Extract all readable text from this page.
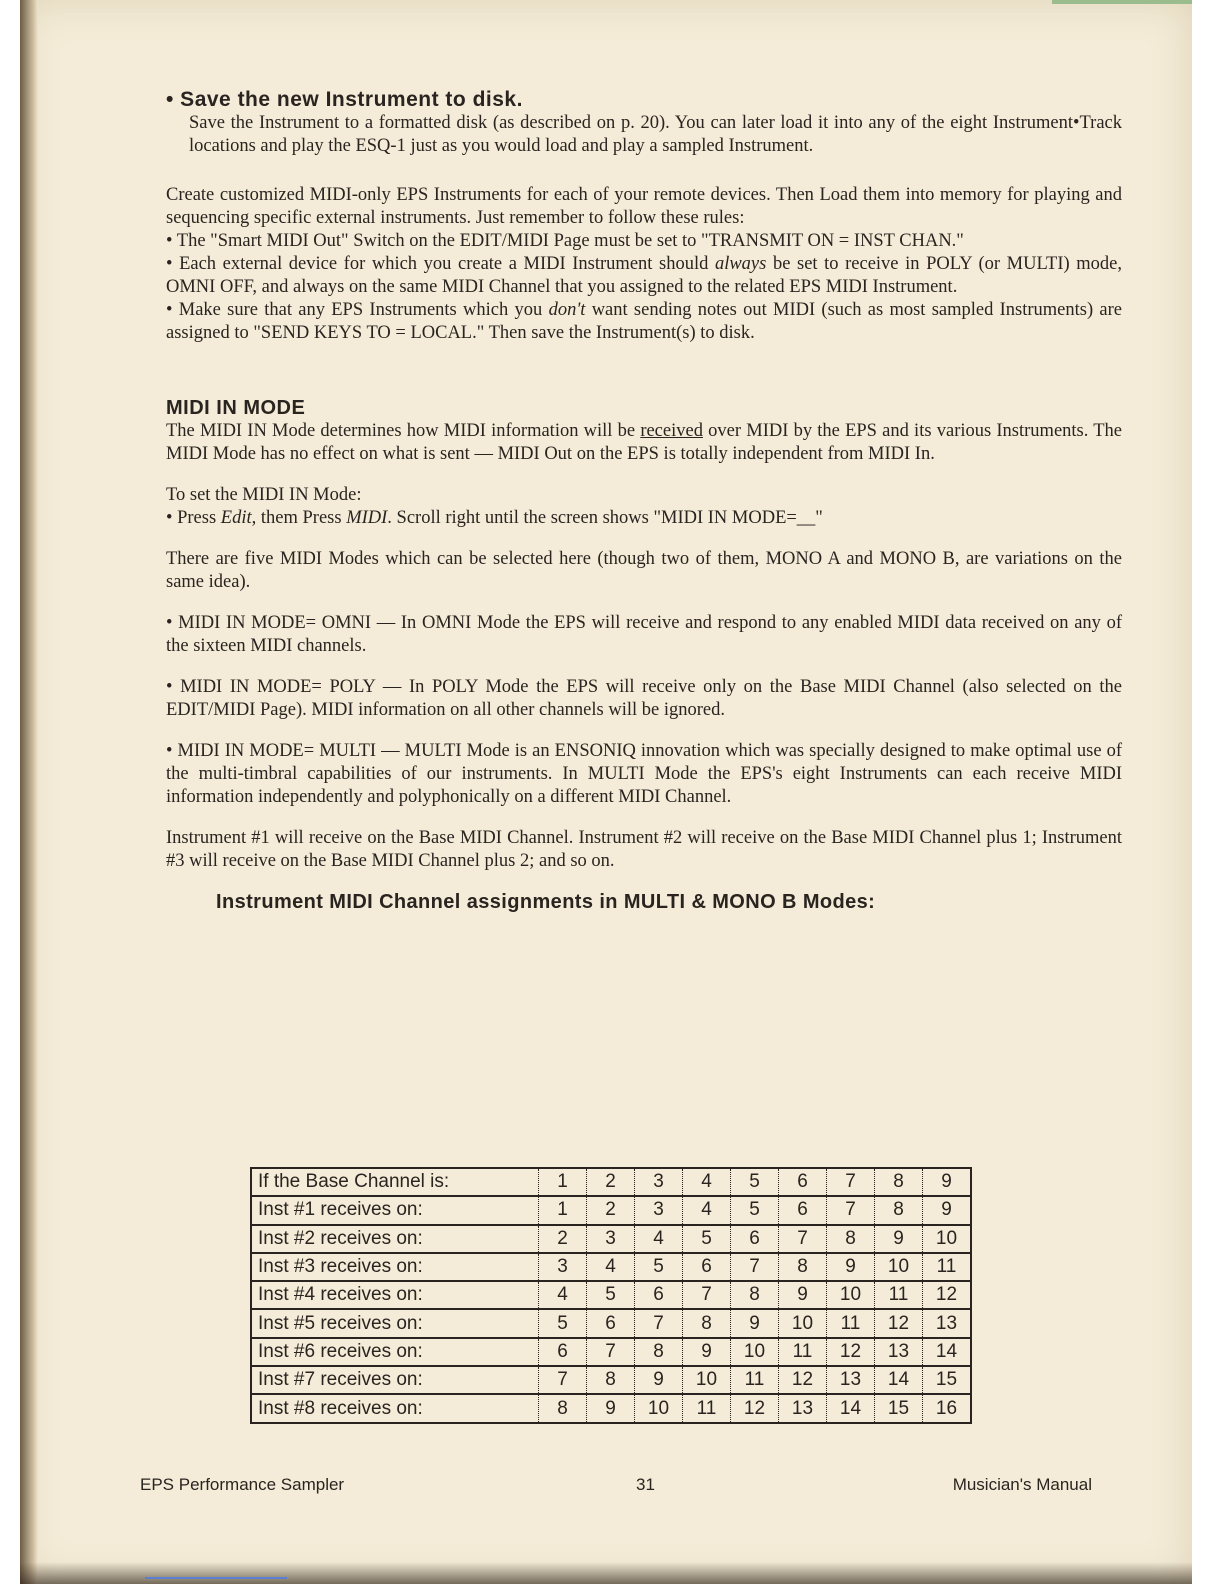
• Save the new Instrument to disk.

Save the Instrument to a formatted disk (as described on p. 20). You can later load it into any of the eight Instrument•Track locations and play the ESQ-1 just as you would load and play a sampled Instrument.

Create customized MIDI-only EPS Instruments for each of your remote devices. Then Load them into memory for playing and sequencing specific external instruments. Just remember to follow these rules:

• The "Smart MIDI Out" Switch on the EDIT/MIDI Page must be set to "TRANSMIT ON = INST CHAN."

• Each external device for which you create a MIDI Instrument should always be set to receive in POLY (or MULTI) mode, OMNI OFF, and always on the same MIDI Channel that you assigned to the related EPS MIDI Instrument.

• Make sure that any EPS Instruments which you don't want sending notes out MIDI (such as most sampled Instruments) are assigned to "SEND KEYS TO = LOCAL." Then save the Instrument(s) to disk.

MIDI IN MODE

The MIDI IN Mode determines how MIDI information will be received over MIDI by the EPS and its various Instruments. The MIDI Mode has no effect on what is sent — MIDI Out on the EPS is totally independent from MIDI In.

To set the MIDI IN Mode:

• Press Edit, them Press MIDI. Scroll right until the screen shows "MIDI IN MODE=__"

There are five MIDI Modes which can be selected here (though two of them, MONO A and MONO B, are variations on the same idea).

• MIDI IN MODE= OMNI — In OMNI Mode the EPS will receive and respond to any enabled MIDI data received on any of the sixteen MIDI channels.

• MIDI IN MODE= POLY — In POLY Mode the EPS will receive only on the Base MIDI Channel (also selected on the EDIT/MIDI Page). MIDI information on all other channels will be ignored.

• MIDI IN MODE= MULTI — MULTI Mode is an ENSONIQ innovation which was specially designed to make optimal use of the multi-timbral capabilities of our instruments. In MULTI Mode the EPS's eight Instruments can each receive MIDI information independently and polyphonically on a different MIDI Channel.

Instrument #1 will receive on the Base MIDI Channel. Instrument #2 will receive on the Base MIDI Channel plus 1; Instrument #3 will receive on the Base MIDI Channel plus 2; and so on.

Instrument MIDI Channel assignments in MULTI & MONO B Modes:
If the Base Channel is:	1	2	3	4	5	6	7	8	9
Inst #1 receives on:	1	2	3	4	5	6	7	8	9
Inst #2 receives on:	2	3	4	5	6	7	8	9	10
Inst #3 receives on:	3	4	5	6	7	8	9	10	11
Inst #4 receives on:	4	5	6	7	8	9	10	11	12
Inst #5 receives on:	5	6	7	8	9	10	11	12	13
Inst #6 receives on:	6	7	8	9	10	11	12	13	14
Inst #7 receives on:	7	8	9	10	11	12	13	14	15
Inst #8 receives on:	8	9	10	11	12	13	14	15	16
EPS Performance Sampler	31	Musician's Manual
